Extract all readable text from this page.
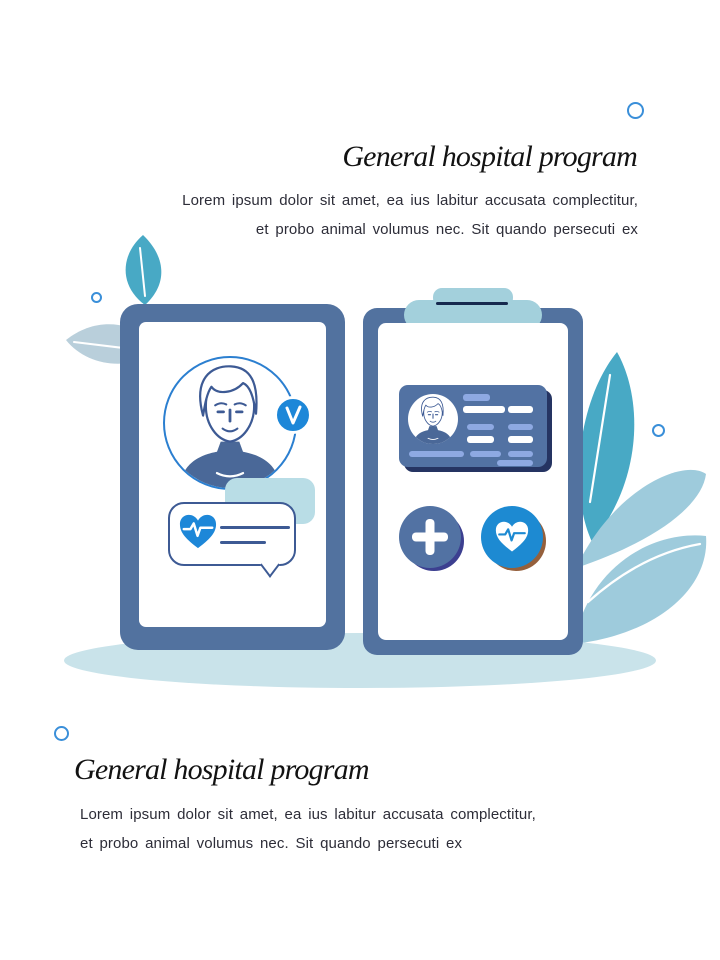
General hospital program

Lorem ipsum dolor sit amet, ea ius labitur accusata complectitur,
et probo animal volumus nec. Sit quando persecuti ex

General hospital program

Lorem ipsum dolor sit amet, ea ius labitur accusata complectitur,
et probo animal volumus nec. Sit quando persecuti ex
